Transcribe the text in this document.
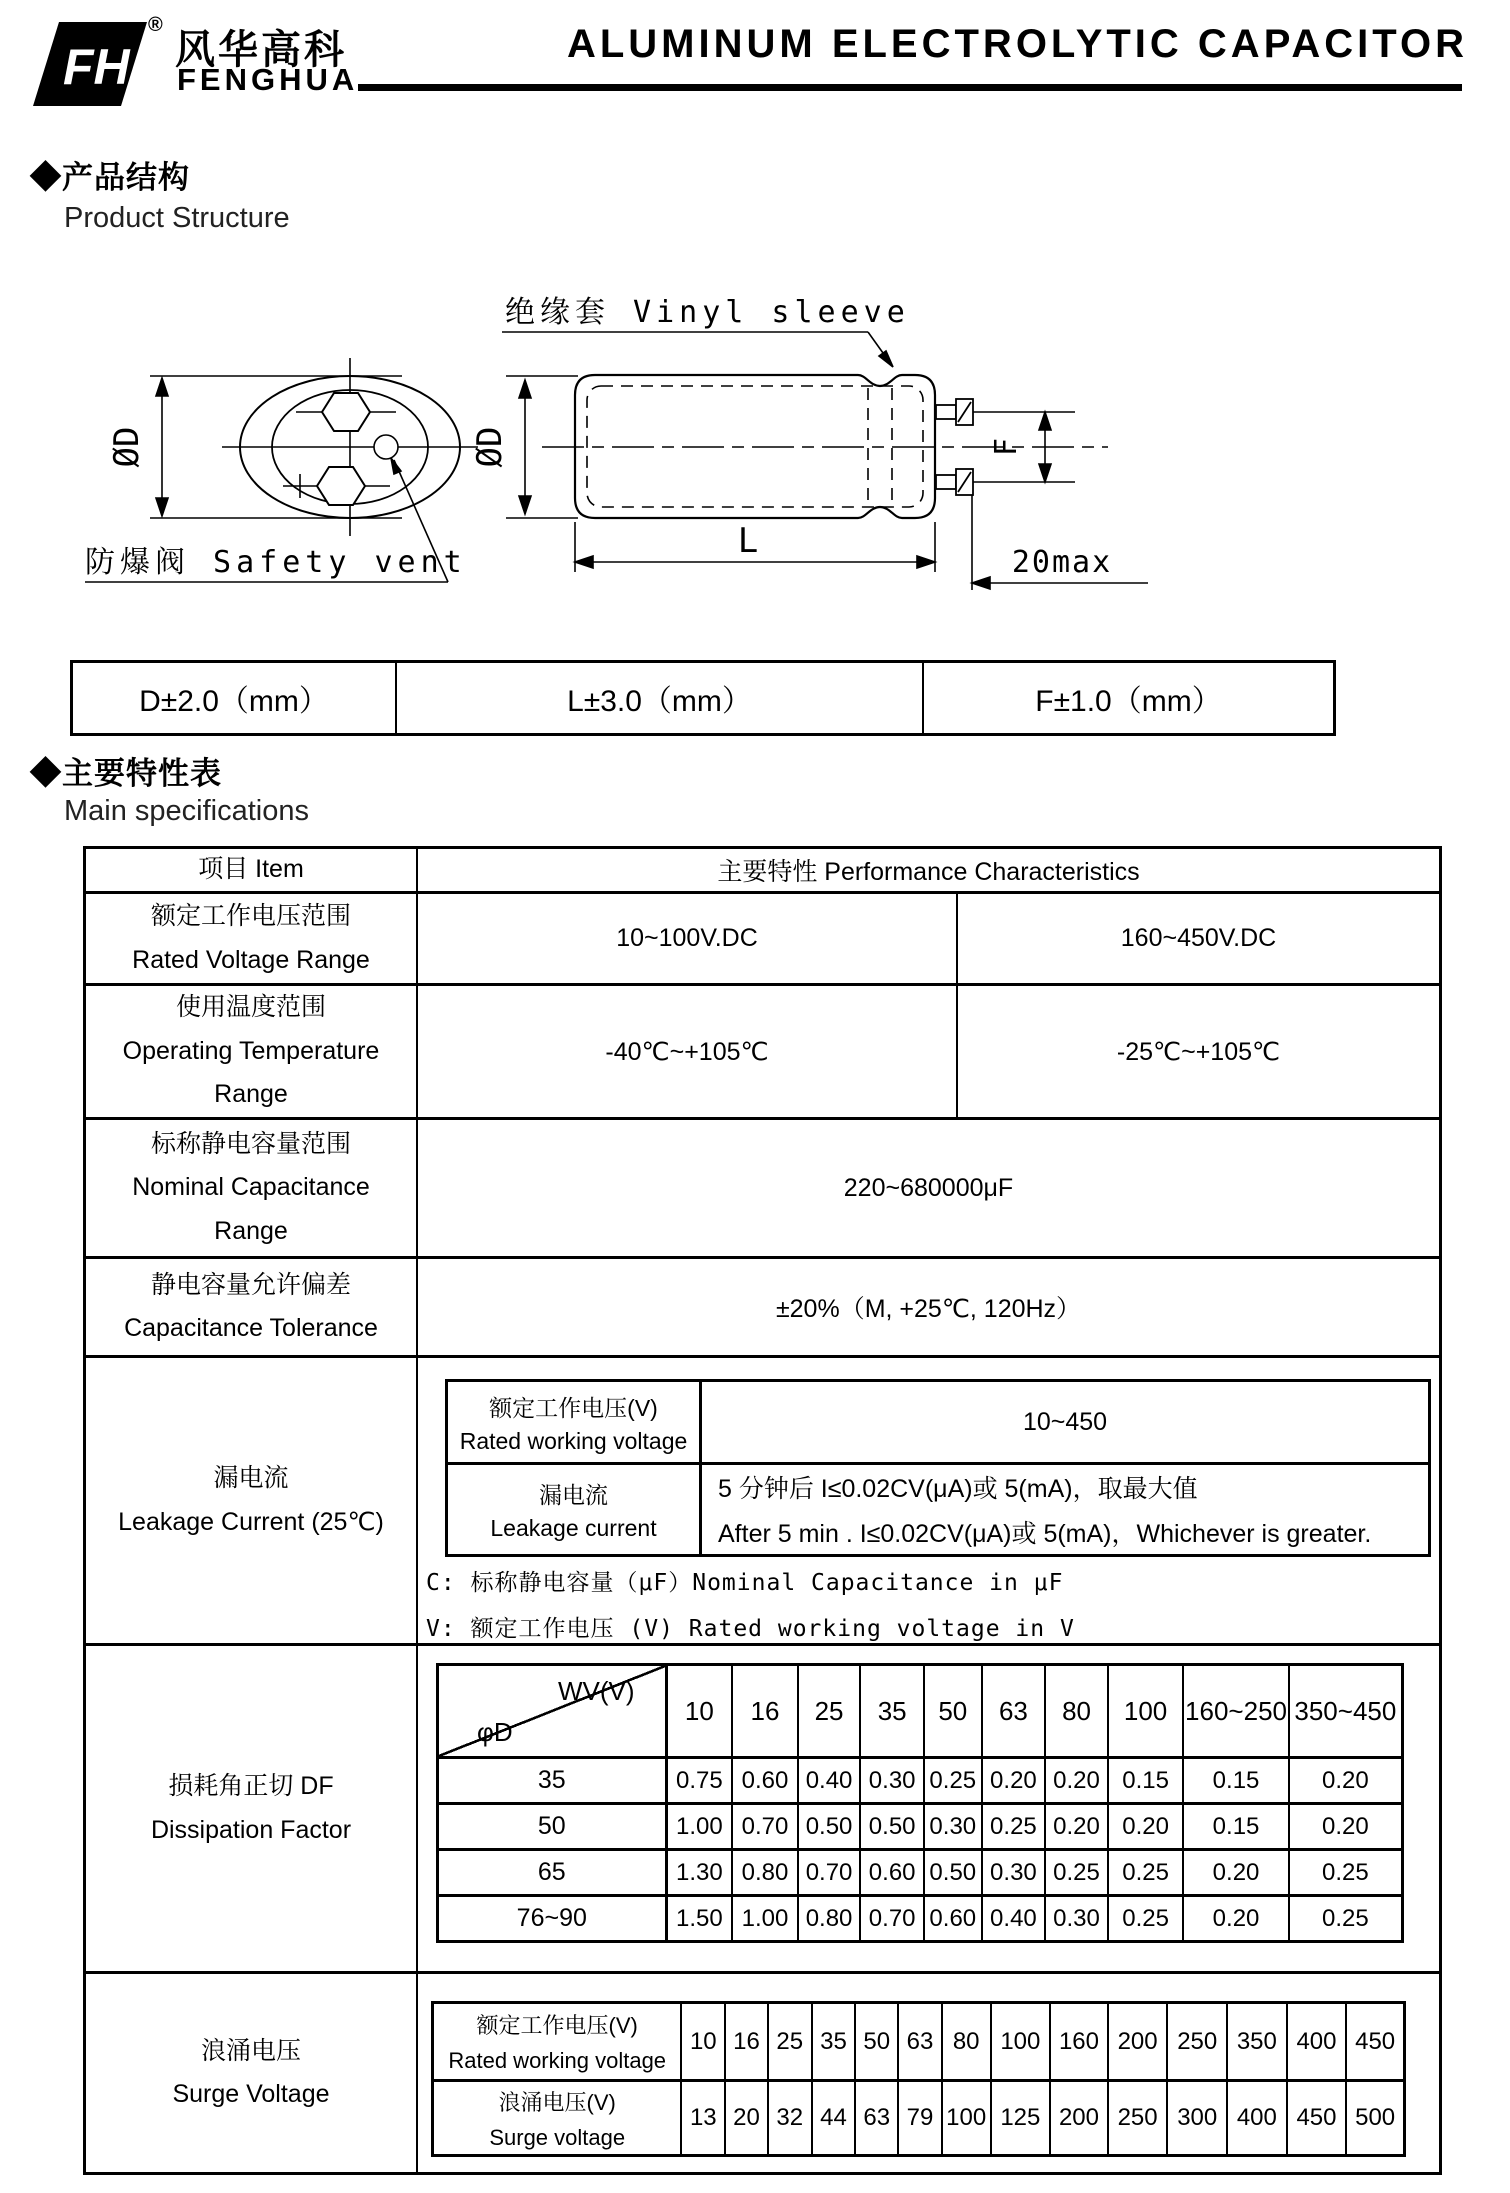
FH
®
风华高科
FENGHUA
ALUMINUM ELECTROLYTIC CAPACITOR
◆产品结构
Product Structure
绝缘套 Vinyl sleeve
防爆阀 Safety vent
ØD	ØD	F
L
20max
D±2.0（mm）	L±3.0（mm）	F±1.0（mm）
◆主要特性表
Main specifications
项目 Item	主要特性 Performance Characteristics
额定工作电压范围
Rated Voltage Range
10~100V.DC	160~450V.DC
使用温度范围
Operating Temperature
Range
-40℃~+105℃	-25℃~+105℃
标称静电容量范围
Nominal Capacitance
Range
220~680000μF
静电容量允许偏差
Capacitance Tolerance
±20%（M, +25℃, 120Hz）
漏电流
Leakage Current (25℃)
额定工作电压(V)
Rated working voltage
10~450
漏电流
Leakage current
5 分钟后 I≤0.02CV(μA)或 5(mA)，取最大值
After 5 min . I≤0.02CV(μA)或 5(mA)，Whichever is greater.
C: 标称静电容量（μF）Nominal Capacitance in μF
V: 额定工作电压 (V) Rated working voltage in V
损耗角正切 DF
Dissipation Factor
WV(V)
φD
10	16	25	35	50	63	80	100 160~250 350~450
35	0.75 0.60 0.40 0.30 0.25 0.20 0.20 0.15	0.15	0.20
50	1.00 0.70 0.50 0.50 0.30 0.25 0.20 0.20	0.15	0.20
65	1.30 0.80 0.70 0.60 0.50 0.30 0.25 0.25	0.20	0.25
76~90	1.50 1.00 0.80 0.70 0.60 0.40 0.30 0.25	0.20	0.25
浪涌电压
Surge Voltage
额定工作电压(V)
Rated working voltage
10 16 25 35 50 63 80 100 160 200 250 350 400 450
浪涌电压(V)
Surge voltage
13 20 32 44 63 79 100 125 200 250 300 400 450 500
